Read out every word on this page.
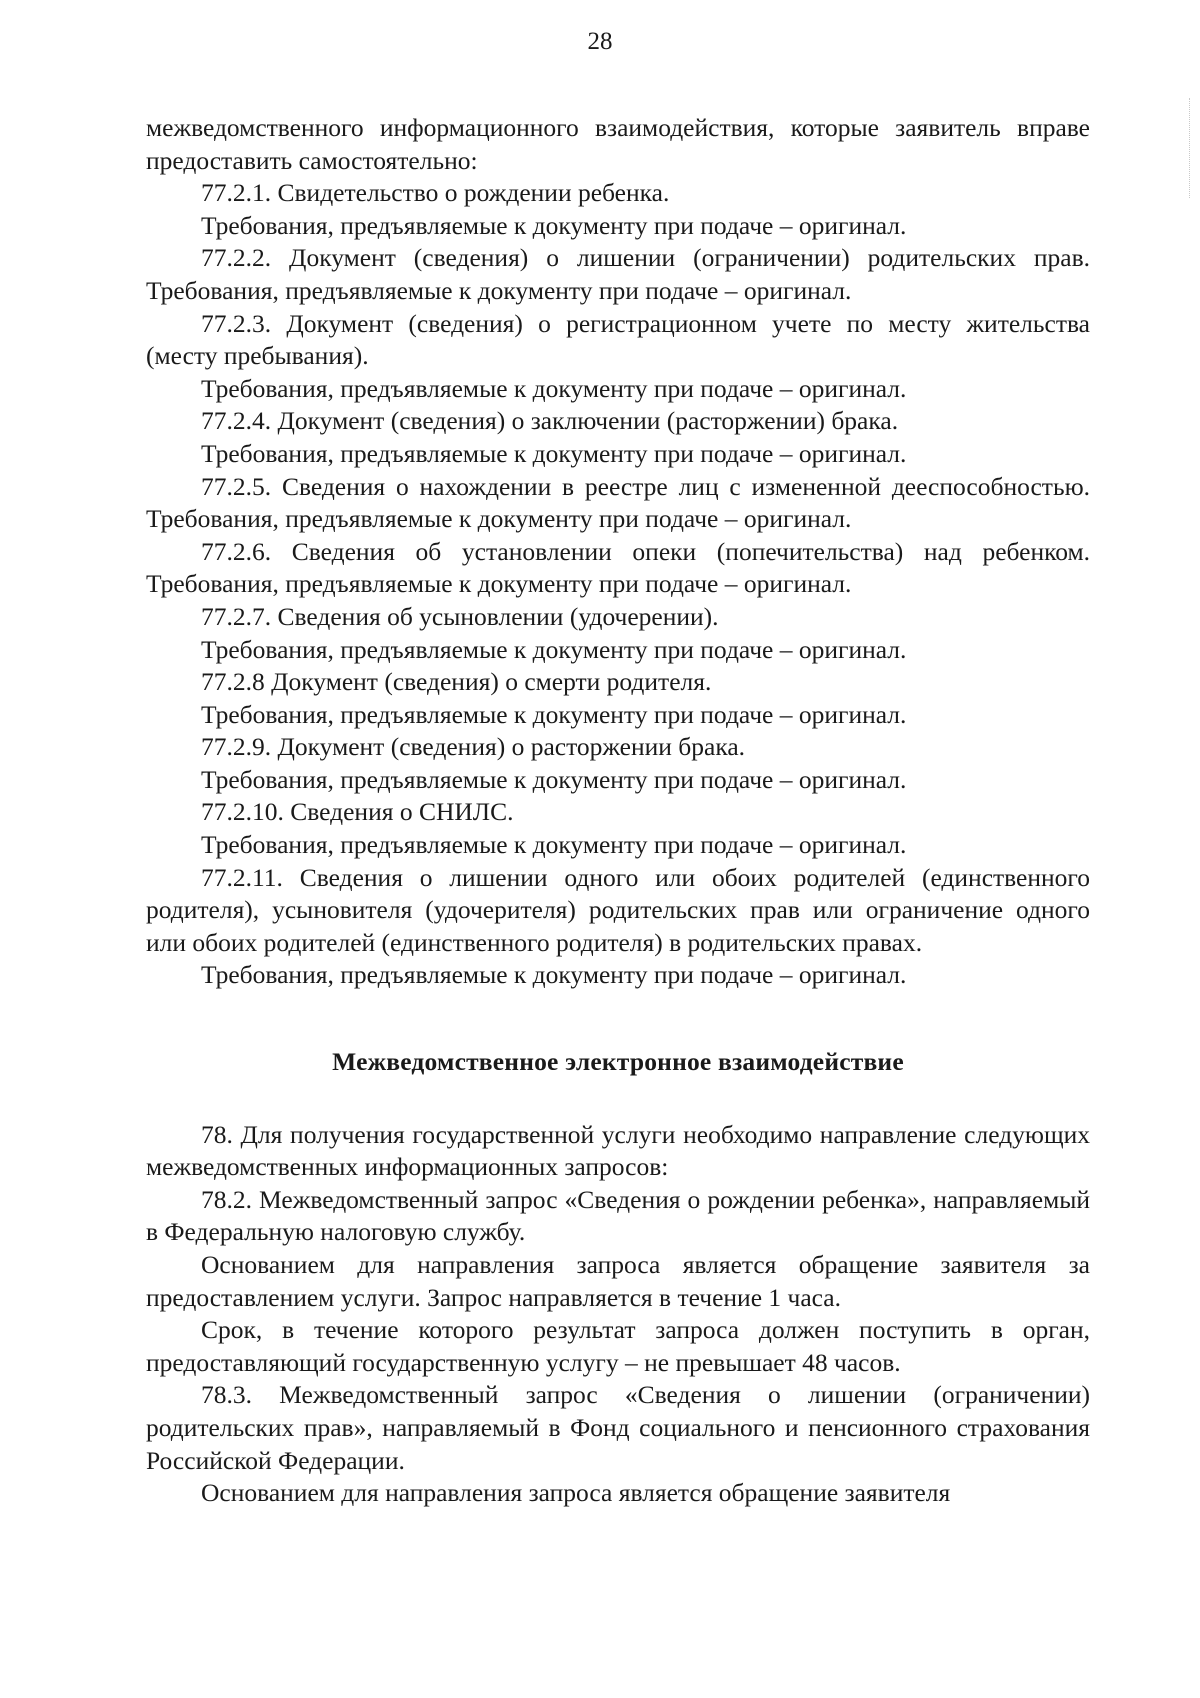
28

межведомственного информационного взаимодействия, которые заявитель вправе предоставить самостоятельно:

77.2.1. Свидетельство о рождении ребенка.

Требования, предъявляемые к документу при подаче – оригинал.

77.2.2. Документ (сведения) о лишении (ограничении) родительских прав. Требования, предъявляемые к документу при подаче – оригинал.

77.2.3. Документ (сведения) о регистрационном учете по месту жительства (месту пребывания).

Требования, предъявляемые к документу при подаче – оригинал.

77.2.4. Документ (сведения) о заключении (расторжении) брака.

Требования, предъявляемые к документу при подаче – оригинал.

77.2.5. Сведения о нахождении в реестре лиц с измененной дееспособностью. Требования, предъявляемые к документу при подаче – оригинал.

77.2.6. Сведения об установлении опеки (попечительства) над ребенком. Требования, предъявляемые к документу при подаче – оригинал.

77.2.7. Сведения об усыновлении (удочерении).

Требования, предъявляемые к документу при подаче – оригинал.

77.2.8 Документ (сведения) о смерти родителя.

Требования, предъявляемые к документу при подаче – оригинал.

77.2.9. Документ (сведения) о расторжении брака.

Требования, предъявляемые к документу при подаче – оригинал.

77.2.10. Сведения о СНИЛС.

Требования, предъявляемые к документу при подаче – оригинал.

77.2.11. Сведения о лишении одного или обоих родителей (единственного родителя), усыновителя (удочерителя) родительских прав или ограничение одного или обоих родителей (единственного родителя) в родительских правах.

Требования, предъявляемые к документу при подаче – оригинал.

Межведомственное электронное взаимодействие

78. Для получения государственной услуги необходимо направление следующих межведомственных информационных запросов:

78.2. Межведомственный запрос «Сведения о рождении ребенка», направляемый в Федеральную налоговую службу.

Основанием для направления запроса является обращение заявителя за предоставлением услуги. Запрос направляется в течение 1 часа.

Срок, в течение которого результат запроса должен поступить в орган, предоставляющий государственную услугу – не превышает 48 часов.

78.3. Межведомственный запрос «Сведения о лишении (ограничении) родительских прав», направляемый в Фонд социального и пенсионного страхования Российской Федерации.

Основанием для направления запроса является обращение заявителя
